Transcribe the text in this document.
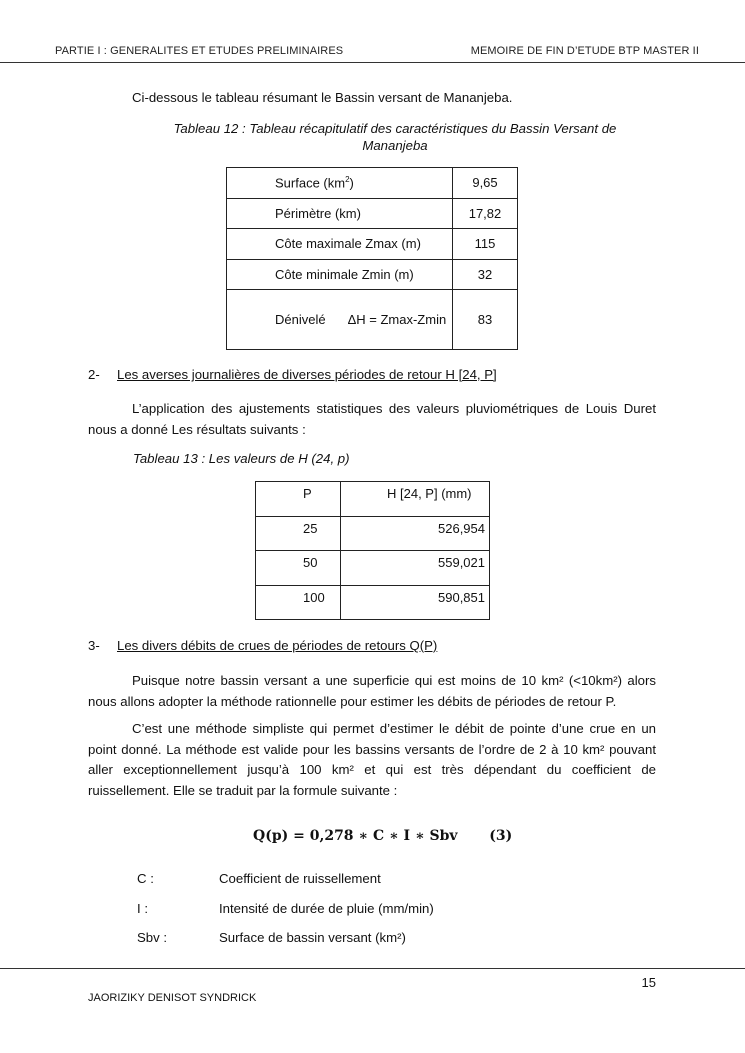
PARTIE I : GENERALITES ET ETUDES PRELIMINAIRES	MEMOIRE DE FIN D’ETUDE BTP MASTER II
Ci-dessous le tableau résumant le Bassin versant de Mananjeba.
Tableau 12 : Tableau récapitulatif des caractéristiques du Bassin Versant de Mananjeba
Surface $(km^2)$	9,65
Périmètre (km)	17,82
Côte maximale Zmax (m)	115
Côte minimale Zmin (m)	32
Dénivelé ΔH = Zmax-Zmin	83
2- Les averses journalières de diverses périodes de retour H [24, P]
L’application des ajustements statistiques des valeurs pluviométriques de Louis Duret nous a donné Les résultats suivants :
Tableau 13 : Les valeurs de H (24, p)
P	H [24, P] (mm)
25	526,954
50	559,021
100	590,851
3- Les divers débits de crues de périodes de retours Q(P)
Puisque notre bassin versant a une superficie qui est moins de 10 km² (<10km²) alors nous allons adopter la méthode rationnelle pour estimer les débits de périodes de retour P.
C’est une méthode simpliste qui permet d’estimer le débit de pointe d’une crue en un point donné. La méthode est valide pour les bassins versants de l’ordre de 2 à 10 km² pouvant aller exceptionnellement jusqu’à 100 km² et qui est très dépendant du coefficient de ruissellement. Elle se traduit par la formule suivante :
Q(p) = 0,278 ∗ C ∗ I ∗ Sbv (3)
C :	Coefficient de ruissellement
I :	Intensité de durée de pluie (mm/min)
Sbv :	Surface de bassin versant (km²)
15
JAORIZIKY DENISOT SYNDRICK
